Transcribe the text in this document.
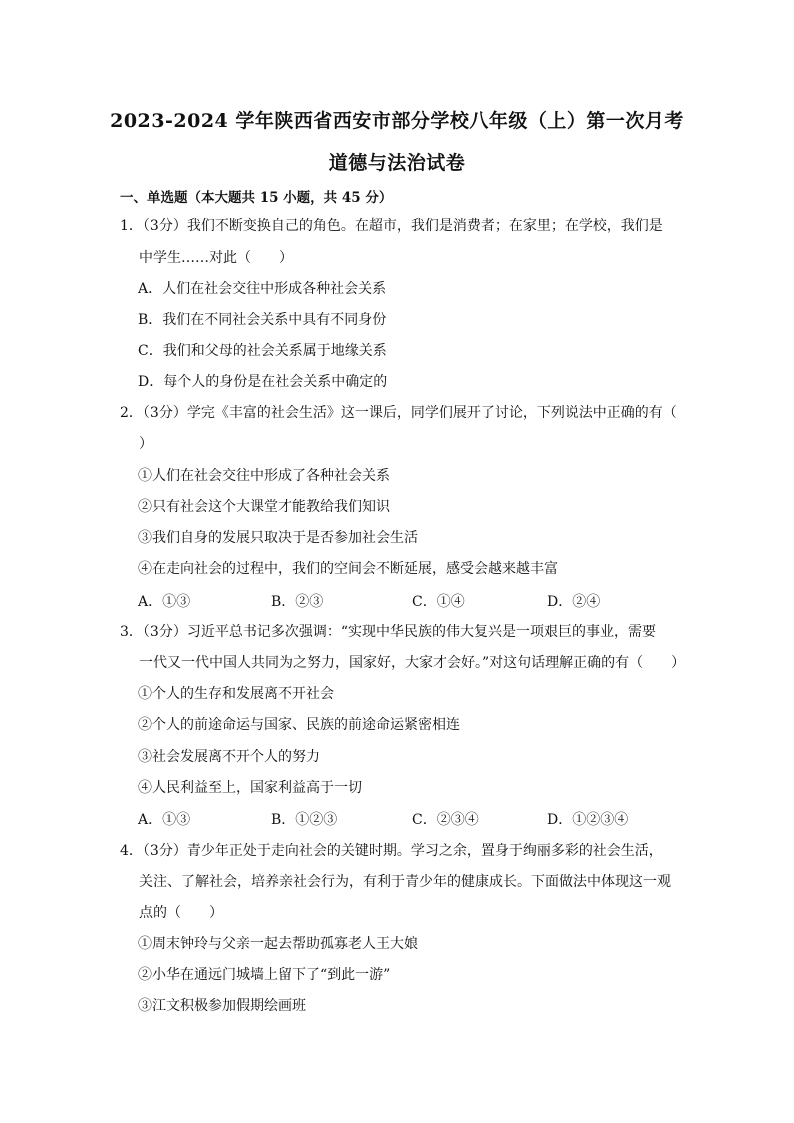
2023-2024 学年陕西省西安市部分学校八年级（上）第一次月考
道德与法治试卷
一、单选题（本大题共 15 小题，共 45 分）
1．（3分）我们不断变换自己的角色。在超市，我们是消费者；在家里；在学校，我们是
中学生……对此（　　）
A．人们在社会交往中形成各种社会关系
B．我们在不同社会关系中具有不同身份
C．我们和父母的社会关系属于地缘关系
D．每个人的身份是在社会关系中确定的
2．（3分）学完《丰富的社会生活》这一课后，同学们展开了讨论，下列说法中正确的有（
）
①人们在社会交往中形成了各种社会关系
②只有社会这个大课堂才能教给我们知识
③我们自身的发展只取决于是否参加社会生活
④在走向社会的过程中，我们的空间会不断延展，感受会越来越丰富
A．①③	B．②③	C．①④	D．②④
3．（3分）习近平总书记多次强调：“实现中华民族的伟大复兴是一项艰巨的事业，需要
一代又一代中国人共同为之努力，国家好，大家才会好。”对这句话理解正确的有（　　）
①个人的生存和发展离不开社会
②个人的前途命运与国家、民族的前途命运紧密相连
③社会发展离不开个人的努力
④人民利益至上，国家利益高于一切
A．①③	B．①②③	C．②③④	D．①②③④
4．（3分）青少年正处于走向社会的关键时期。学习之余，置身于绚丽多彩的社会生活，
关注、了解社会，培养亲社会行为，有利于青少年的健康成长。下面做法中体现这一观
点的（　　）
①周末钟玲与父亲一起去帮助孤寡老人王大娘
②小华在通远门城墙上留下了“到此一游”
③江文积极参加假期绘画班
